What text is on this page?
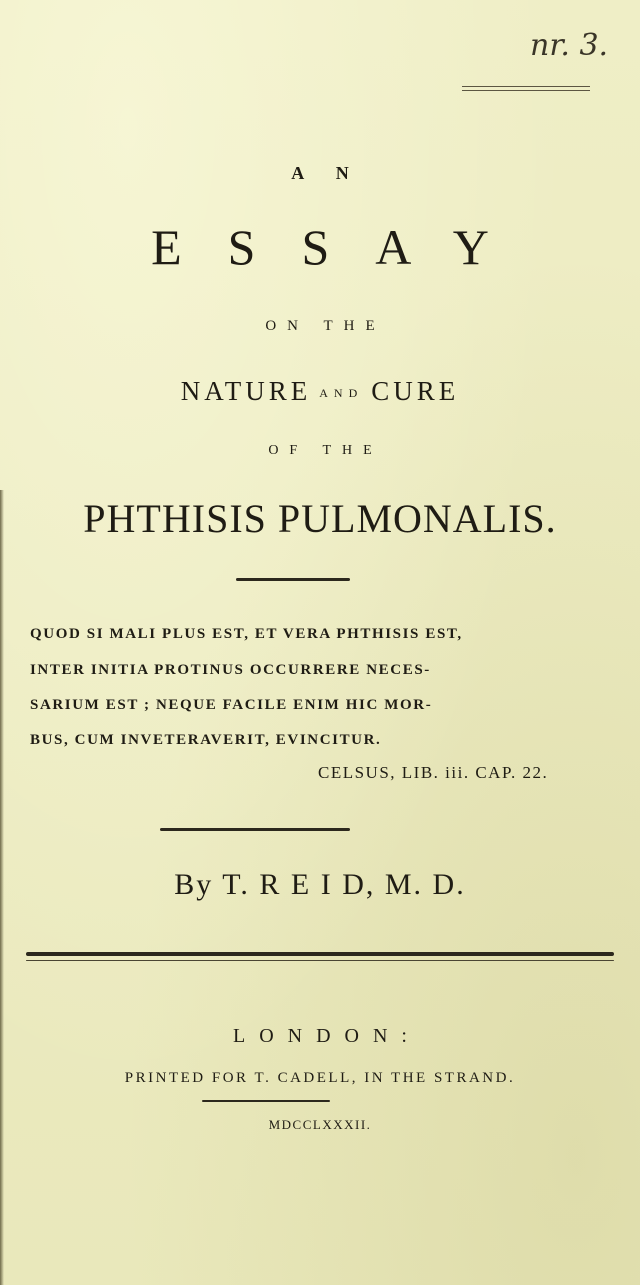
nr. 3.
A N
ESSAY
ON THE
NATURE AND CURE
OF THE
PHTHISIS PULMONALIS.
QUOD SI MALI PLUS EST, ET VERA PHTHISIS EST,
INTER INITIA PROTINUS OCCURRERE NECES-
SARIUM EST ; NEQUE FACILE ENIM HIC MOR-
BUS, CUM INVETERAVERIT, EVINCITUR.
CELSUS, LIB. iii. CAP. 22.
By T. R E I D, M. D.
LONDON:
PRINTED FOR T. CADELL, IN THE STRAND.
MDCCLXXXII.
